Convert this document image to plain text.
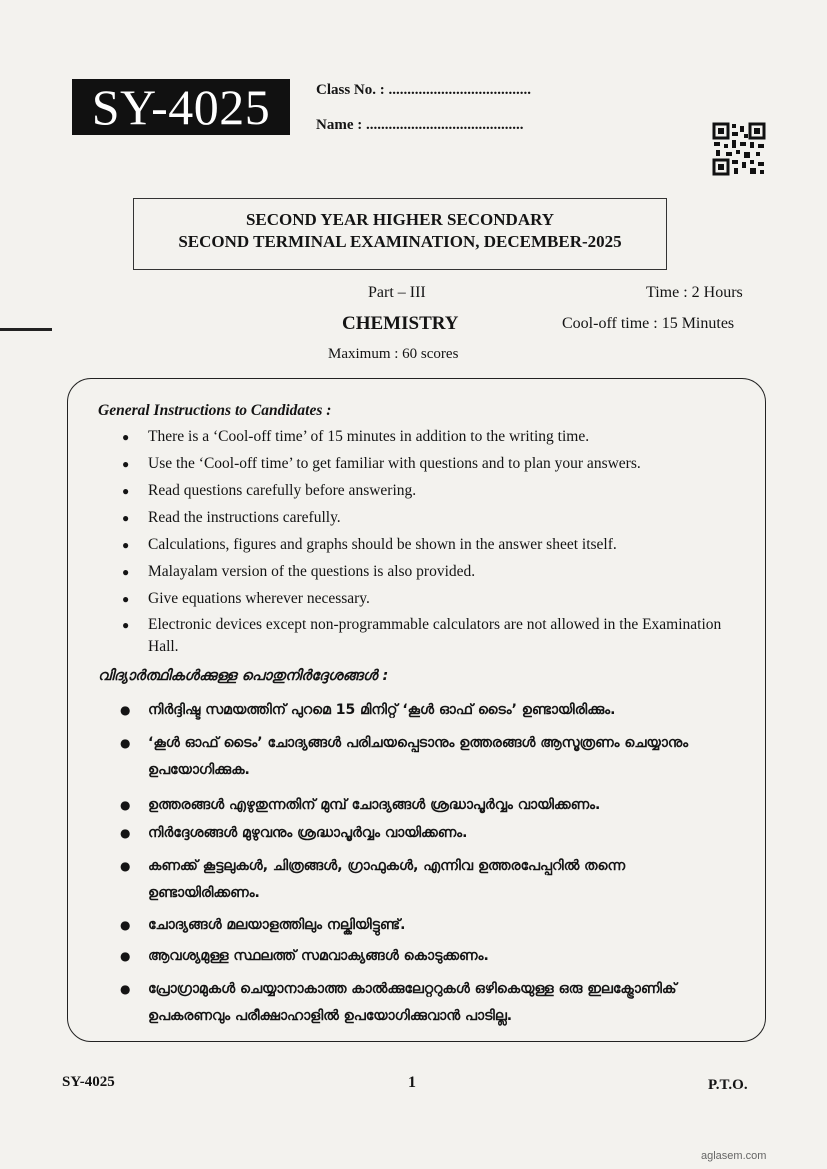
SY-4025	Class No. : ......................................
Name : ..........................................
SECOND YEAR HIGHER SECONDARY
SECOND TERMINAL EXAMINATION, DECEMBER-2025
Part – III	Time : 2 Hours
CHEMISTRY	Cool-off time : 15 Minutes
Maximum : 60 scores
General Instructions to Candidates :
● There is a ‘Cool-off time’ of 15 minutes in addition to the writing time.
● Use the ‘Cool-off time’ to get familiar with questions and to plan your answers.
● Read questions carefully before answering.
● Read the instructions carefully.
● Calculations, figures and graphs should be shown in the answer sheet itself.
● Malayalam version of the questions is also provided.
● Give equations wherever necessary.
● Electronic devices except non-programmable calculators are not allowed in the Examination Hall.
വിദ്യാർത്ഥികൾക്കുള്ള പൊതുനിർദ്ദേശങ്ങൾ :
● നിർദ്ദിഷ്ട സമയത്തിന് പുറമെ 15 മിനിറ്റ് ‘കൂൾ ഓഫ് ടൈം’ ഉണ്ടായിരിക്കും.
● ‘കൂൾ ഓഫ് ടൈം’ ചോദ്യങ്ങൾ പരിചയപ്പെടാനും ഉത്തരങ്ങൾ ആസൂത്രണം ചെയ്യാനും ഉപയോഗിക്കുക.
● ഉത്തരങ്ങൾ എഴുതുന്നതിന് മുമ്പ് ചോദ്യങ്ങൾ ശ്രദ്ധാപൂർവ്വം വായിക്കണം.
● നിർദ്ദേശങ്ങൾ മുഴുവനും ശ്രദ്ധാപൂർവ്വം വായിക്കണം.
● കണക്ക് കൂട്ടലുകൾ, ചിത്രങ്ങൾ, ഗ്രാഫുകൾ, എന്നിവ ഉത്തരപേപ്പറിൽ തന്നെ ഉണ്ടായിരിക്കണം.
● ചോദ്യങ്ങൾ മലയാളത്തിലും നല്കിയിട്ടുണ്ട്.
● ആവശ്യമുള്ള സ്ഥലത്ത് സമവാക്യങ്ങൾ കൊടുക്കണം.
● പ്രോഗ്രാമുകൾ ചെയ്യാനാകാത്ത കാൽക്കുലേറ്ററുകൾ ഒഴികെയുള്ള ഒരു ഇലക്ട്രോണിക് ഉപകരണവും പരീക്ഷാഹാളിൽ ഉപയോഗിക്കുവാൻ പാടില്ല.
SY-4025	1	P.T.O.
aglasem.com
